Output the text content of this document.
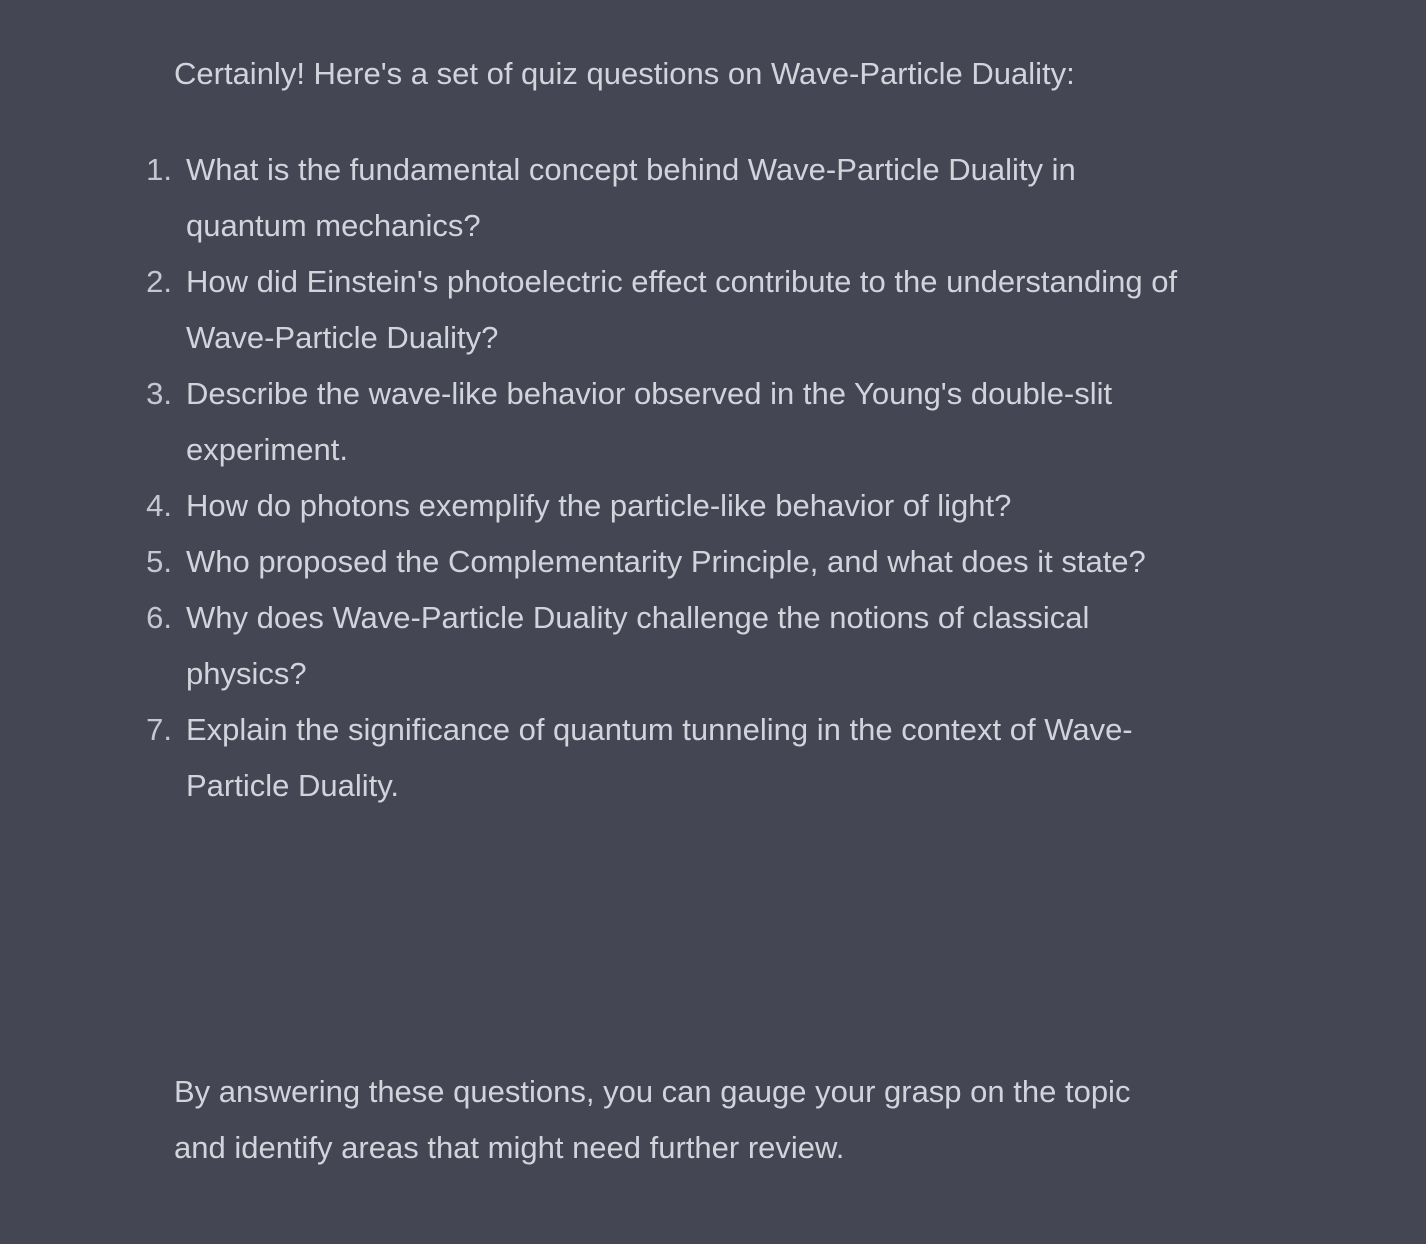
Certainly! Here's a set of quiz questions on Wave-Particle Duality:

1. What is the fundamental concept behind Wave-Particle Duality in quantum mechanics?
2. How did Einstein's photoelectric effect contribute to the understanding of Wave-Particle Duality?
3. Describe the wave-like behavior observed in the Young's double-slit experiment.
4. How do photons exemplify the particle-like behavior of light?
5. Who proposed the Complementarity Principle, and what does it state?
6. Why does Wave-Particle Duality challenge the notions of classical physics?
7. Explain the significance of quantum tunneling in the context of Wave-Particle Duality.

By answering these questions, you can gauge your grasp on the topic and identify areas that might need further review.
